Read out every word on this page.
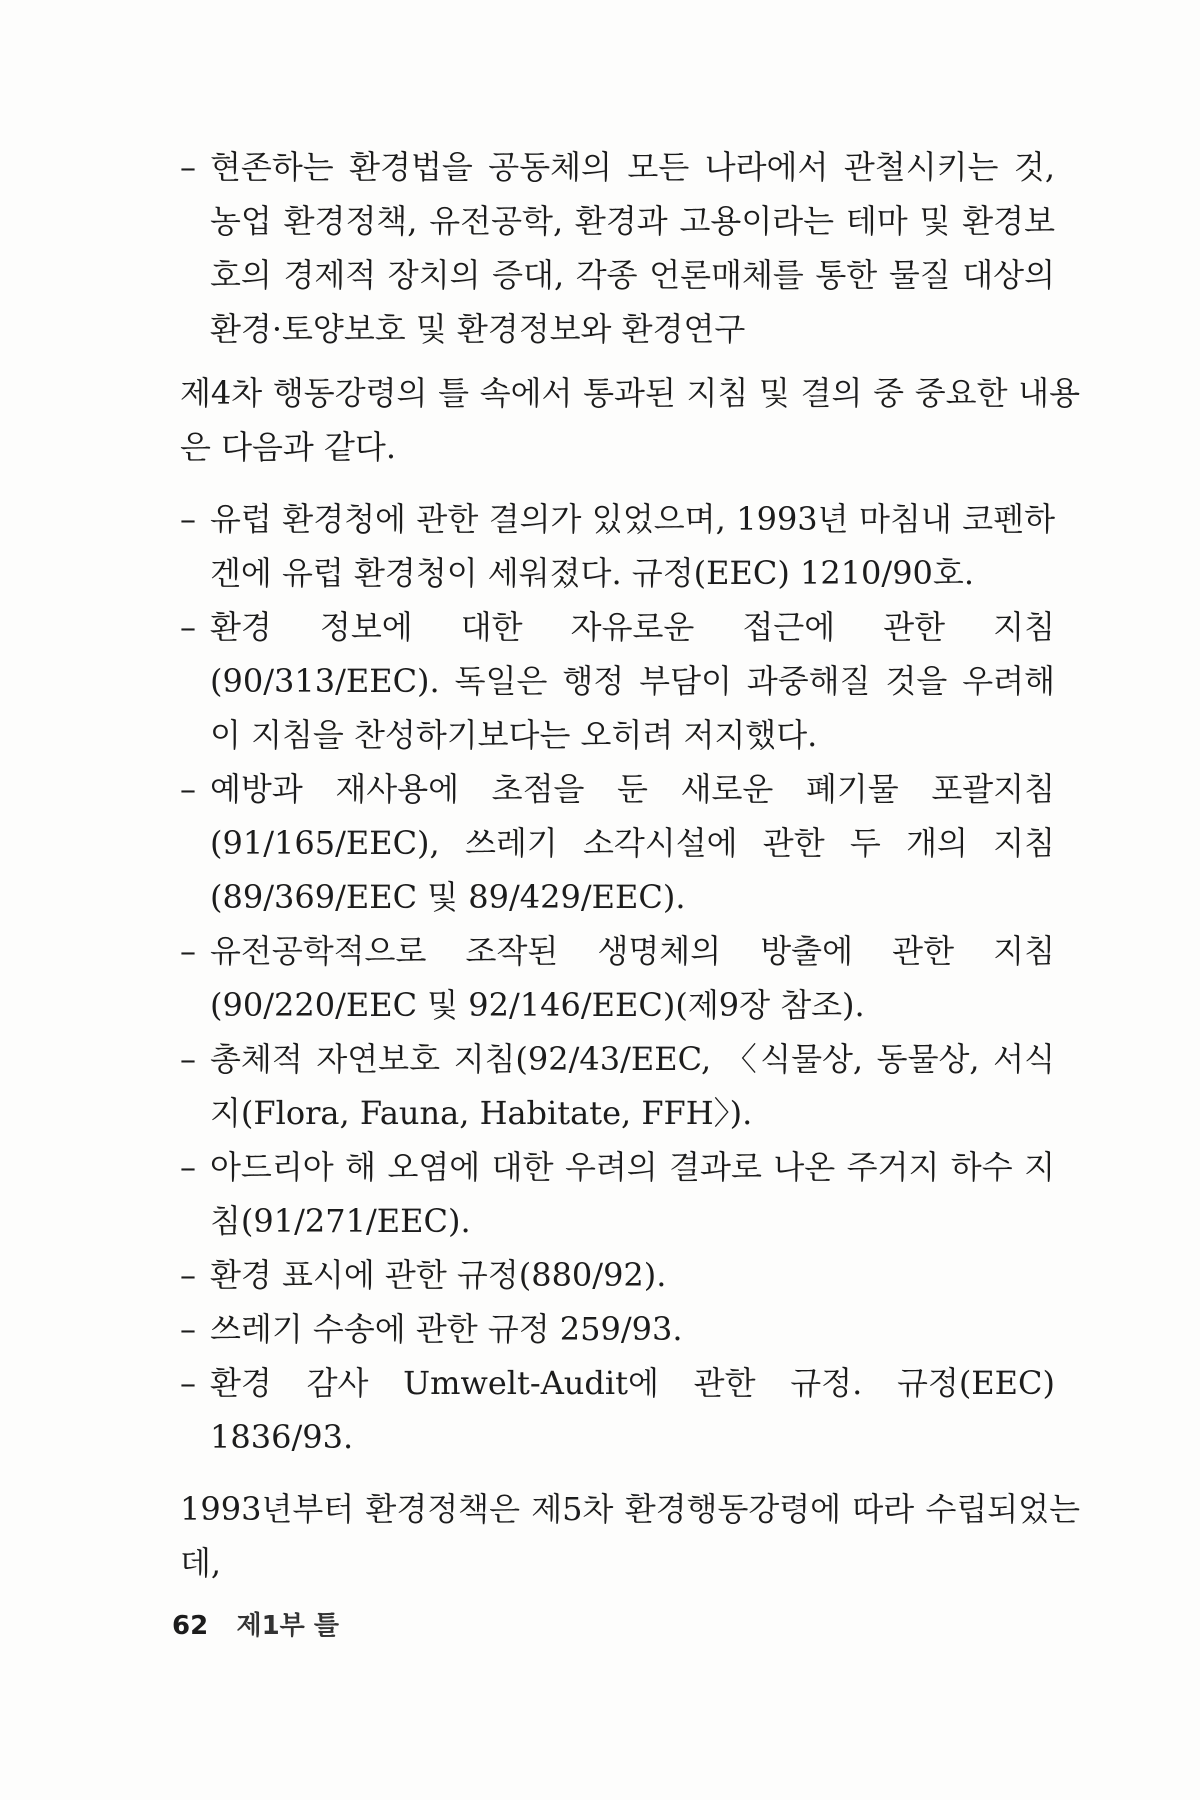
– 현존하는 환경법을 공동체의 모든 나라에서 관철시키는 것, 농업 환경정책, 유전공학, 환경과 고용이라는 테마 및 환경보호의 경제적 장치의 증대, 각종 언론매체를 통한 물질 대상의 환경·토양보호 및 환경정보와 환경연구
제4차 행동강령의 틀 속에서 통과된 지침 및 결의 중 중요한 내용은 다음과 같다.
– 유럽 환경청에 관한 결의가 있었으며, 1993년 마침내 코펜하겐에 유럽 환경청이 세워졌다. 규정(EEC) 1210/90호.
– 환경 정보에 대한 자유로운 접근에 관한 지침(90/313/EEC). 독일은 행정 부담이 과중해질 것을 우려해 이 지침을 찬성하기보다는 오히려 저지했다.
– 예방과 재사용에 초점을 둔 새로운 폐기물 포괄지침(91/165/EEC), 쓰레기 소각시설에 관한 두 개의 지침(89/369/EEC 및 89/429/EEC).
– 유전공학적으로 조작된 생명체의 방출에 관한 지침(90/220/EEC 및 92/146/EEC)(제9장 참조).
– 총체적 자연보호 지침(92/43/EEC, 〈식물상, 동물상, 서식지(Flora, Fauna, Habitate, FFH〉).
– 아드리아 해 오염에 대한 우려의 결과로 나온 주거지 하수 지침(91/271/EEC).
– 환경 표시에 관한 규정(880/92).
– 쓰레기 수송에 관한 규정 259/93.
– 환경 감사 Umwelt-Audit에 관한 규정. 규정(EEC) 1836/93.
1993년부터 환경정책은 제5차 환경행동강령에 따라 수립되었는데,
62 제1부 틀
